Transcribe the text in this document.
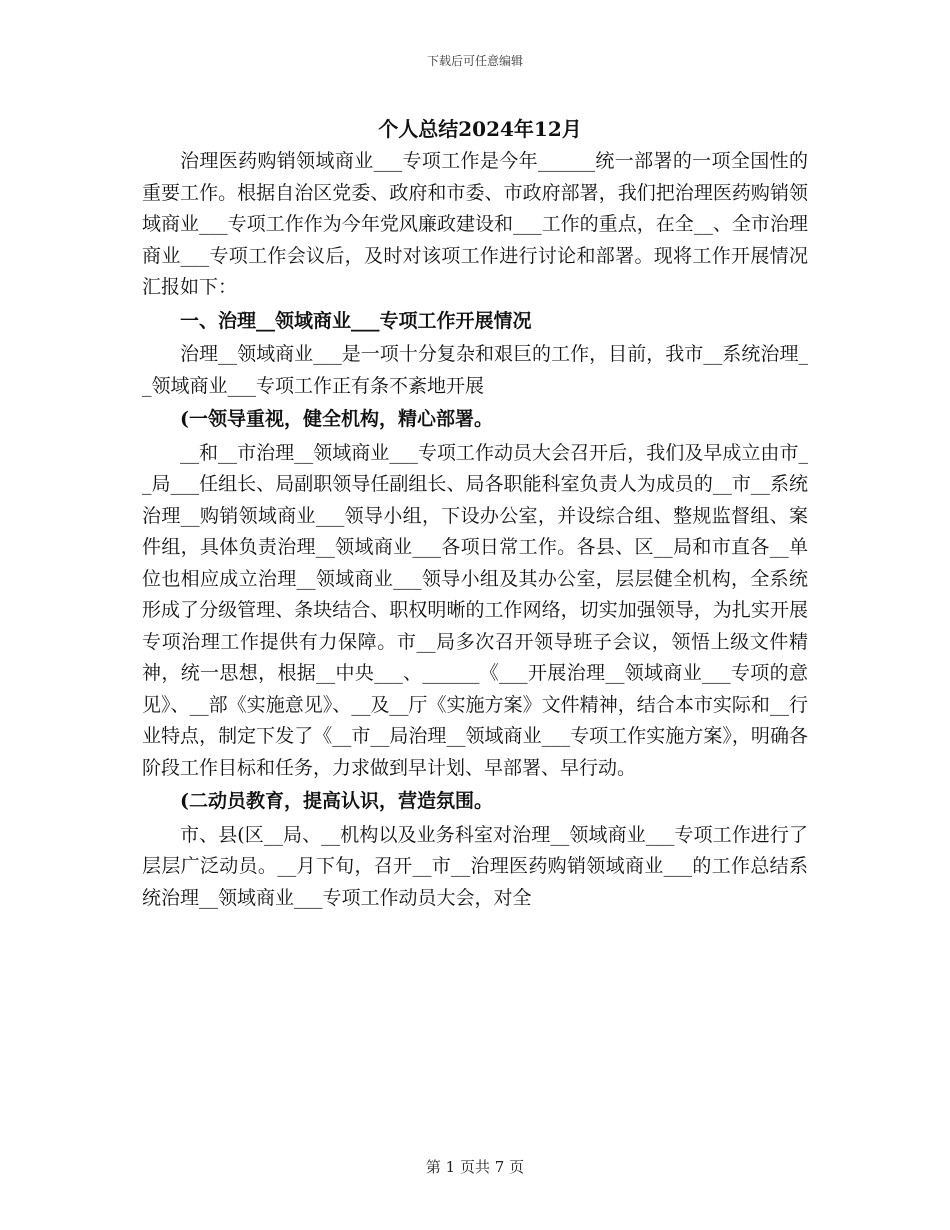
下载后可任意编辑
个人总结2024年12月

治理医药购销领域商业___专项工作是今年______统一部署的一项全国性的重要工作。根据自治区党委、政府和市委、市政府部署，我们把治理医药购销领域商业___专项工作作为今年党风廉政建设和___工作的重点，在全__、全市治理商业___专项工作会议后，及时对该项工作进行讨论和部署。现将工作开展情况汇报如下：

一、治理__领域商业___专项工作开展情况

治理__领域商业___是一项十分复杂和艰巨的工作，目前，我市__系统治理__领域商业___专项工作正有条不紊地开展

(一领导重视，健全机构，精心部署。

__和__市治理__领域商业___专项工作动员大会召开后，我们及早成立由市__局___任组长、局副职领导任副组长、局各职能科室负责人为成员的__市__系统治理__购销领域商业___领导小组，下设办公室，并设综合组、整规监督组、案件组，具体负责治理__领域商业___各项日常工作。各县、区__局和市直各__单位也相应成立治理__领域商业___领导小组及其办公室，层层健全机构，全系统形成了分级管理、条块结合、职权明晰的工作网络，切实加强领导，为扎实开展专项治理工作提供有力保障。市__局多次召开领导班子会议，领悟上级文件精神，统一思想，根据__中央___、______《___开展治理__领域商业___专项的意见》、__部《实施意见》、__及__厅《实施方案》文件精神，结合本市实际和__行业特点，制定下发了《__市__局治理__领域商业___专项工作实施方案》，明确各阶段工作目标和任务，力求做到早计划、早部署、早行动。

(二动员教育，提高认识，营造氛围。

市、县(区__局、__机构以及业务科室对治理__领域商业___专项工作进行了层层广泛动员。__月下旬，召开__市__治理医药购销领域商业___的工作总结系统治理__领域商业___专项工作动员大会，对全

第 1 页共 7 页
